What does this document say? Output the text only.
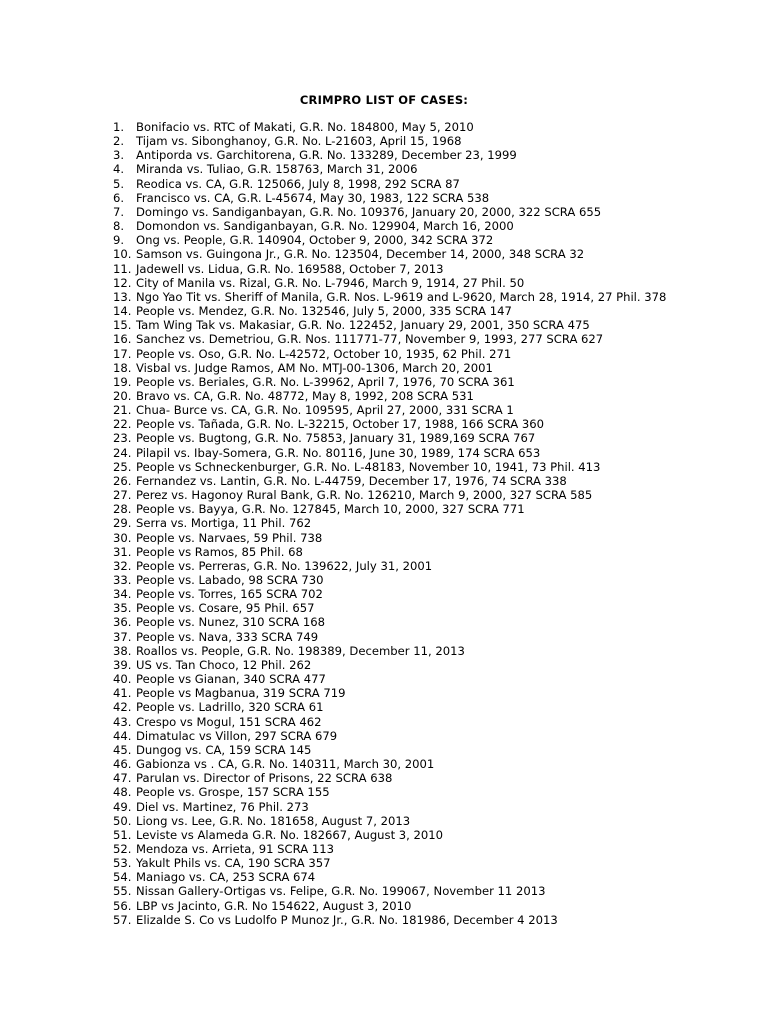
CRIMPRO LIST OF CASES:
1.	Bonifacio vs. RTC of Makati, G.R. No. 184800, May 5, 2010
2.	Tijam vs. Sibonghanoy, G.R. No. L-21603, April 15, 1968
3.	Antiporda vs. Garchitorena, G.R. No. 133289, December 23, 1999
4.	Miranda vs. Tuliao, G.R. 158763, March 31, 2006
5.	Reodica vs. CA, G.R. 125066, July 8, 1998, 292 SCRA 87
6.	Francisco vs. CA, G.R. L-45674, May 30, 1983, 122 SCRA 538
7.	Domingo vs. Sandiganbayan, G.R. No. 109376, January 20, 2000, 322 SCRA 655
8.	Domondon vs. Sandiganbayan, G.R. No. 129904, March 16, 2000
9.	Ong vs. People, G.R. 140904, October 9, 2000, 342 SCRA 372
10. Samson vs. Guingona Jr., G.R. No. 123504, December 14, 2000, 348 SCRA 32
11. Jadewell vs. Lidua, G.R. No. 169588, October 7, 2013
12. City of Manila vs. Rizal, G.R. No. L-7946, March 9, 1914, 27 Phil. 50
13. Ngo Yao Tit vs. Sheriff of Manila, G.R. Nos. L-9619 and L-9620, March 28, 1914, 27 Phil. 378
14. People vs. Mendez, G.R. No. 132546, July 5, 2000, 335 SCRA 147
15. Tam Wing Tak vs. Makasiar, G.R. No. 122452, January 29, 2001, 350 SCRA 475
16. Sanchez vs. Demetriou, G.R. Nos. 111771-77, November 9, 1993, 277 SCRA 627
17. People vs. Oso, G.R. No. L-42572, October 10, 1935, 62 Phil. 271
18. Visbal vs. Judge Ramos, AM No. MTJ-00-1306, March 20, 2001
19. People vs. Beriales, G.R. No. L-39962, April 7, 1976, 70 SCRA 361
20. Bravo vs. CA, G.R. No. 48772, May 8, 1992, 208 SCRA 531
21. Chua- Burce vs. CA, G.R. No. 109595, April 27, 2000, 331 SCRA 1
22. People vs. Tañada, G.R. No. L-32215, October 17, 1988, 166 SCRA 360
23. People vs. Bugtong, G.R. No. 75853, January 31, 1989,169 SCRA 767
24. Pilapil vs. Ibay-Somera, G.R. No. 80116, June 30, 1989, 174 SCRA 653
25. People vs Schneckenburger, G.R. No. L-48183, November 10, 1941, 73 Phil. 413
26. Fernandez vs. Lantin, G.R. No. L-44759, December 17, 1976, 74 SCRA 338
27. Perez vs. Hagonoy Rural Bank, G.R. No. 126210, March 9, 2000, 327 SCRA 585
28. People vs. Bayya, G.R. No. 127845, March 10, 2000, 327 SCRA 771
29. Serra vs. Mortiga, 11 Phil. 762
30. People vs. Narvaes, 59 Phil. 738
31. People vs Ramos, 85 Phil. 68
32. People vs. Perreras, G.R. No. 139622, July 31, 2001
33. People vs. Labado, 98 SCRA 730
34. People vs. Torres, 165 SCRA 702
35. People vs. Cosare, 95 Phil. 657
36. People vs. Nunez, 310 SCRA 168
37. People vs. Nava, 333 SCRA 749
38. Roallos vs. People, G.R. No. 198389, December 11, 2013
39. US vs. Tan Choco, 12 Phil. 262
40. People vs Gianan, 340 SCRA 477
41. People vs Magbanua, 319 SCRA 719
42. People vs. Ladrillo, 320 SCRA 61
43. Crespo vs Mogul, 151 SCRA 462
44. Dimatulac vs Villon, 297 SCRA 679
45. Dungog vs. CA, 159 SCRA 145
46. Gabionza vs . CA, G.R. No. 140311, March 30, 2001
47. Parulan vs. Director of Prisons, 22 SCRA 638
48. People vs. Grospe, 157 SCRA 155
49. Diel vs. Martinez, 76 Phil. 273
50. Liong vs. Lee, G.R. No. 181658, August 7, 2013
51. Leviste vs Alameda G.R. No. 182667, August 3, 2010
52. Mendoza vs. Arrieta, 91 SCRA 113
53. Yakult Phils vs. CA, 190 SCRA 357
54. Maniago vs. CA, 253 SCRA 674
55. Nissan Gallery-Ortigas vs. Felipe, G.R. No. 199067, November 11 2013
56. LBP vs Jacinto, G.R. No 154622, August 3, 2010
57. Elizalde S. Co vs Ludolfo P Munoz Jr., G.R. No. 181986, December 4 2013
